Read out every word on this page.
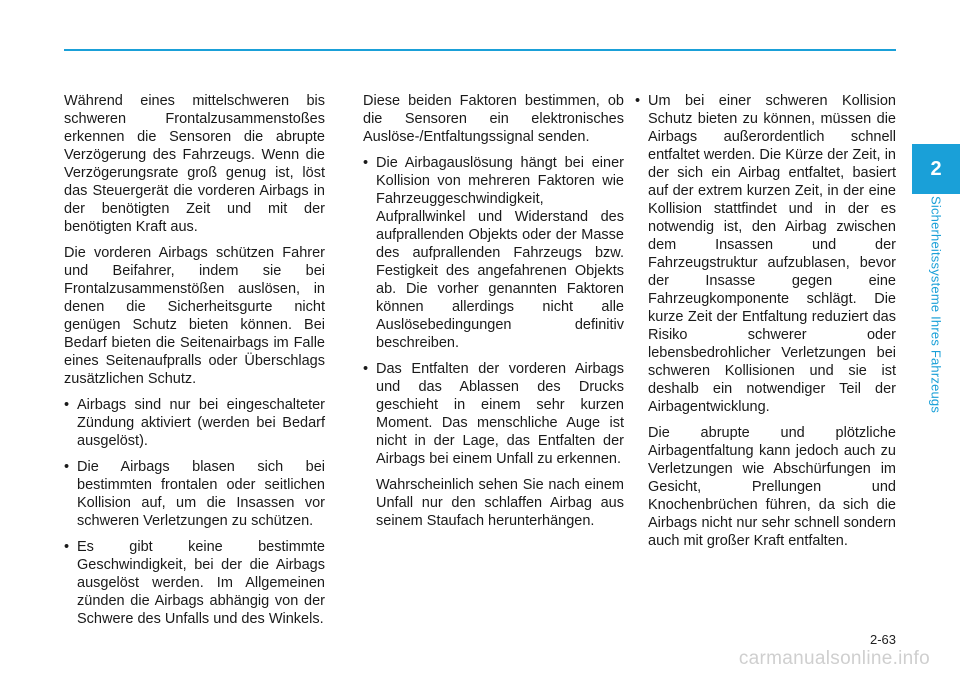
2
Sicherheitssysteme Ihres Fahrzeugs

Während eines mittelschweren bis schweren Frontalzusammenstoßes erkennen die Sensoren die abrupte Verzögerung des Fahrzeugs. Wenn die Verzögerungsrate groß genug ist, löst das Steuergerät die vorderen Airbags in der benötigten Zeit und mit der benötigten Kraft aus.

Die vorderen Airbags schützen Fahrer und Beifahrer, indem sie bei Frontalzusammenstößen auslösen, in denen die Sicherheitsgurte nicht genügen Schutz bieten können. Bei Bedarf bieten die Seitenairbags im Falle eines Seitenaufpralls oder Überschlags zusätzlichen Schutz.

• Airbags sind nur bei eingeschalteter Zündung aktiviert (werden bei Bedarf ausgelöst).
• Die Airbags blasen sich bei bestimmten frontalen oder seitlichen Kollision auf, um die Insassen vor schweren Verletzungen zu schützen.
• Es gibt keine bestimmte Geschwindigkeit, bei der die Airbags ausgelöst werden. Im Allgemeinen zünden die Airbags abhängig von der Schwere des Unfalls und des Winkels.

Diese beiden Faktoren bestimmen, ob die Sensoren ein elektronisches Auslöse-/Entfaltungssignal senden.

• Die Airbagauslösung hängt bei einer Kollision von mehreren Faktoren wie Fahrzeuggeschwindigkeit, Aufprallwinkel und Widerstand des aufprallenden Objekts oder der Masse des aufprallenden Fahrzeugs bzw. Festigkeit des angefahrenen Objekts ab. Die vorher genannten Faktoren können allerdings nicht alle Auslösebedingungen definitiv beschreiben.
• Das Entfalten der vorderen Airbags und das Ablassen des Drucks geschieht in einem sehr kurzen Moment. Das menschliche Auge ist nicht in der Lage, das Entfalten der Airbags bei einem Unfall zu erkennen.

Wahrscheinlich sehen Sie nach einem Unfall nur den schlaffen Airbag aus seinem Staufach herunterhängen.

• Um bei einer schweren Kollision Schutz bieten zu können, müssen die Airbags außerordentlich schnell entfaltet werden. Die Kürze der Zeit, in der sich ein Airbag entfaltet, basiert auf der extrem kurzen Zeit, in der eine Kollision stattfindet und in der es notwendig ist, den Airbag zwischen dem Insassen und der Fahrzeugstruktur aufzublasen, bevor der Insasse gegen eine Fahrzeugkomponente schlägt. Die kurze Zeit der Entfaltung reduziert das Risiko schwerer oder lebensbedrohlicher Verletzungen bei schweren Kollisionen und sie ist deshalb ein notwendiger Teil der Airbagentwicklung.

Die abrupte und plötzliche Airbagentfaltung kann jedoch auch zu Verletzungen wie Abschürfungen im Gesicht, Prellungen und Knochenbrüchen führen, da sich die Airbags nicht nur sehr schnell sondern auch mit großer Kraft entfalten.

2-63
carmanualsonline.info
